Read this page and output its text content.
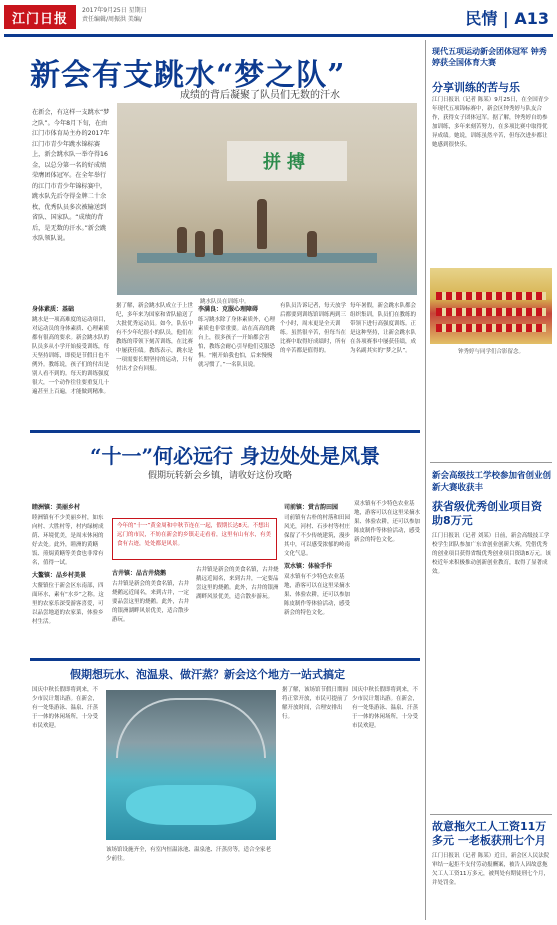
江门日报
2017年9月25日 星期日
责任编辑/周振洪 美编/	民情 | A13
新会有支跳水“梦之队”
成绩的背后凝聚了队员们无数的汗水
在新会，有这样一支跳水“梦之队”。今年8月下旬，在由江门市体育局主办的2017年江门市青少年跳水锦标赛上，新会跳水队一举夺得16金，以总分第一名的好成绩荣膺团体冠军。在全年举行的江门市青少年锦标赛中，跳水队先后夺得金牌二十余枚，优秀队员多次被输送到省队、国家队。“成绩的背后，是无数的汗水。”新会跳水队领队说。
拼搏
跳水队员在训练中。
身体素质：基础
跳水是一项高难度的运动项目，对运动员的身体素质、心理素质都有很高的要求。新会跳水队的队员多从小学开始接受训练，每天坚持训练，即使是节假日也不例外。教练说，孩子们的付出是别人看不到的。每天的训练强度很大，一个动作往往要重复几十遍甚至上百遍，才能做到精准。
据了解，新会跳水队成立于上世纪，多年来为国家和省队输送了大批优秀运动员。如今，队伍中有不少年纪很小的队员，他们在教练的带领下刻苦训练，在比赛中屡获佳绩。教练表示，跳水是一项需要长期坚持的运动，只有付出才会有回报。
李满良：克服心理障碍
练习跳水除了身体素质外，心理素质也非常重要。站在高高的跳台上，很多孩子一开始都会害怕，教练会耐心引导他们克服恐惧。“刚开始我也怕，后来慢慢就习惯了。”一名队员说。
有队员告诉记者，每天放学后都要到训练馆训练两到三个小时，周末更是全天训练。虽然很辛苦，但每当在比赛中取得好成绩时，所有的辛苦都是值得的。
每年暑假，新会跳水队都会组织集训，队员们在教练的带领下进行高强度训练。正是这种坚持，让新会跳水队在各项赛事中屡获佳绩，成为名副其实的“梦之队”。
“十一”何必远行 身边处处是风景
假期玩转新会乡镇，请收好这份攻略
睦洲镇：美丽乡村
睦洲镇有不少美丽乡村，如东向村、大胜村等，村内绿树成荫、环境优美，是周末休闲的好去处。此外，睦洲的黄鳝饭、煎焗黄鳝等美食也非常有名，值得一试。
大鳌镇：品乡村美景
大鳌镇位于新会区东南部，四面环水，素有“水乡”之称。这里的农家乐深受游客喜爱，可以品尝地道的农家菜，体验乡村生活。
今年的“十一”黄金周和中秋节连在一起，假期长达8天。不想出远门的市民，不妨在新会的乡镇走走看看，这里有山有水，有美食有古迹，处处都是风景。
古井镇：品古井烧鹅
古井镇是新会的美食名镇，古井烧鹅远近闻名，来到古井，一定要品尝这里的烧鹅。此外，古井的银洲湖畔风景优美，适合散步游玩。
古井镇是新会的美食名镇，古井烧鹅远近闻名，来到古井，一定要品尝这里的烧鹅。此外，古井的银洲湖畔风景优美，适合散步游玩。
司前镇：赏古韵田园
司前镇有古朴的村落和田园风光，河村、石步村等村庄保留了不少传统建筑，漫步其中，可以感受浓郁的岭南文化气息。
双水镇：体验手作
双水镇有不少特色农业基地，游客可以在这里采摘水果、体验农耕，还可以参加陈皮制作等体验活动，感受新会的特色文化。
双水镇有不少特色农业基地，游客可以在这里采摘水果、体验农耕，还可以参加陈皮制作等体验活动，感受新会的特色文化。
假期想玩水、泡温泉、做汗蒸？新会这个地方一站式搞定
国庆中秋长假即将到来，不少市民计划出游。在新会，有一处集游泳、温泉、汗蒸于一体的休闲场所，十分受市民欢迎。
该场馆设施齐全，有室内恒温泳池、温泉池、汗蒸房等，适合全家老少前往。
据了解，该场馆节假日期间将正常开放，市民可提前了解开放时间，合理安排出行。
国庆中秋长假即将到来，不少市民计划出游。在新会，有一处集游泳、温泉、汗蒸于一体的休闲场所，十分受市民欢迎。
现代五项运动新会团体冠军 钟秀婷获全国体育大赛
分享训练的苦与乐
江门日报讯（记者 陈某）9月25日，在全国青少年现代五项锦标赛中，新会区钟秀婷与队友合作，获得女子团体冠军。据了解，钟秀婷自幼参加训练，多年来刻苦努力，在多项比赛中取得优异成绩。她说，训练虽然辛苦，但每次进步都让她感到很快乐。
钟秀婷与同学们合影留念。
新会高级技工学校参加省创业创新大赛收获丰
获省级优秀创业项目资助8万元
江门日报讯（记者 刘某）日前，新会高级技工学校学生团队参加广东省创业创新大赛，凭借优秀的创业项目获得省级优秀创业项目资助8万元。该校近年来积极推动创新创业教育，取得了显著成效。
故意拖欠工人工资11万多元 一老板获刑七个月
江门日报讯（记者 陈某）近日，新会区人民法院审结一起拒不支付劳动报酬案，被告人因故意拖欠工人工资11万多元，被判处有期徒刑七个月，并处罚金。
